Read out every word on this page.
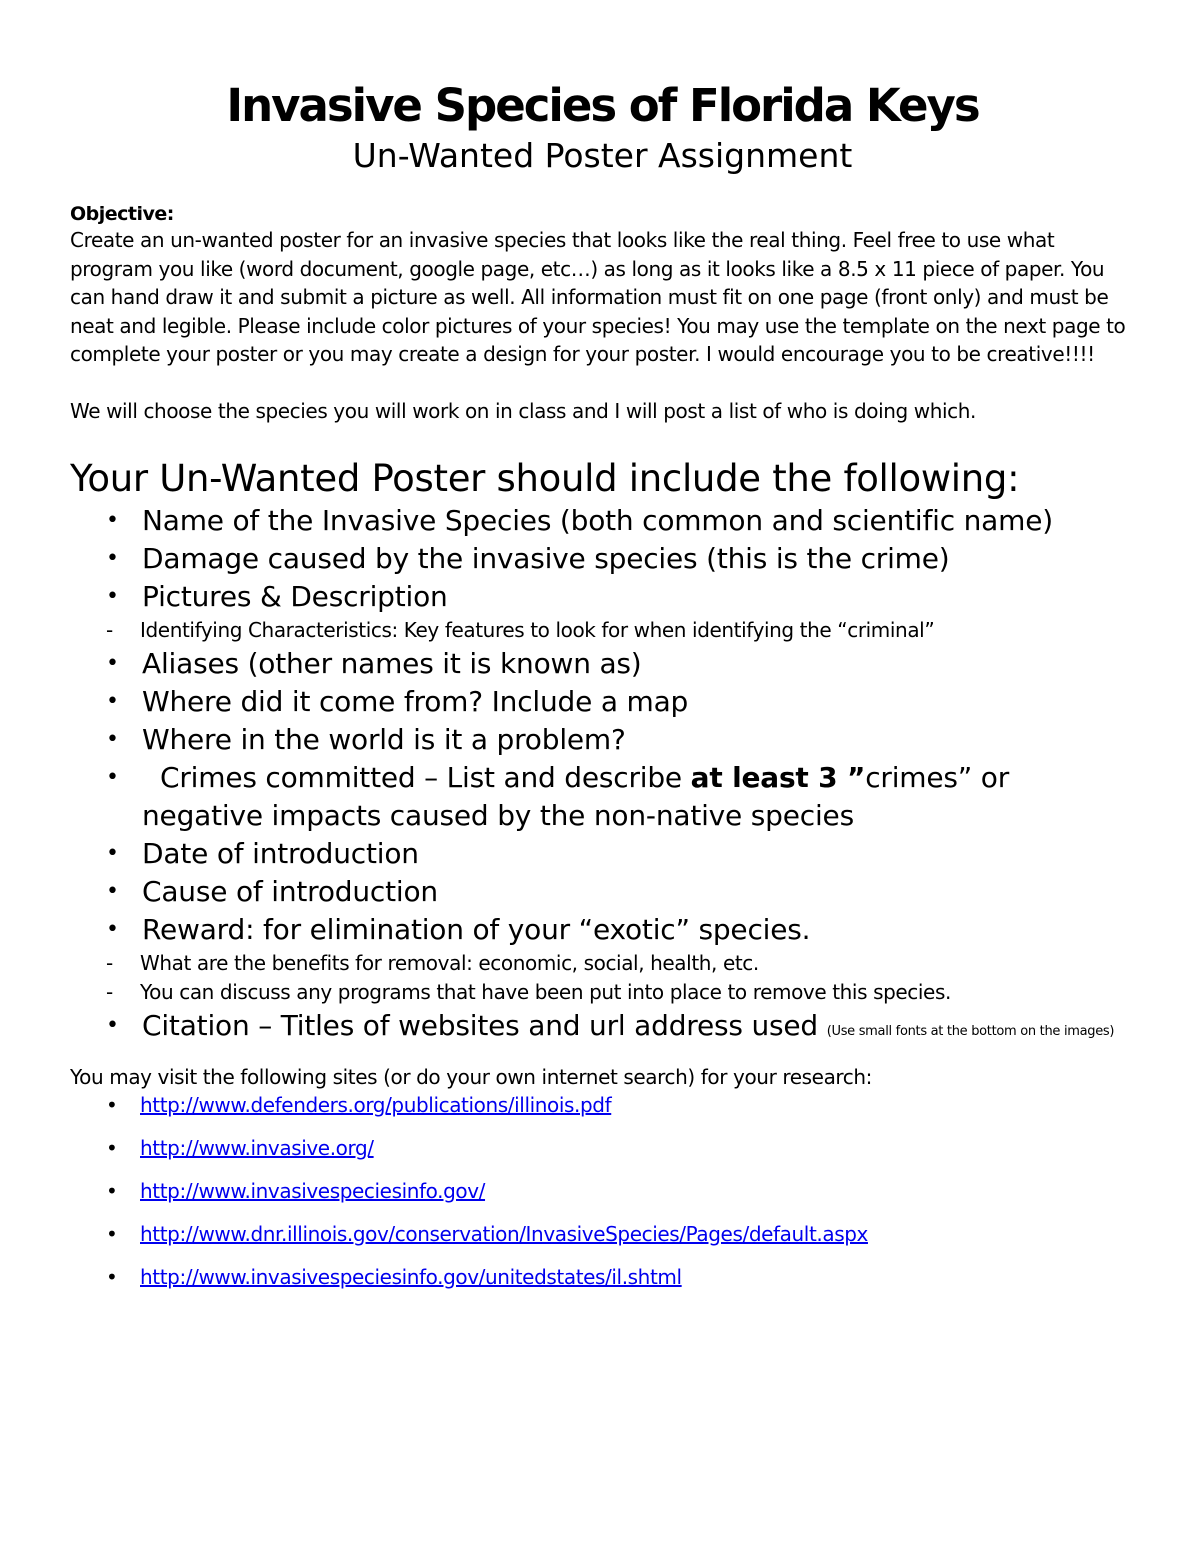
Invasive Species of Florida Keys
Un-Wanted Poster Assignment
Objective:

Create an un-wanted poster for an invasive species that looks like the real thing. Feel free to use what program you like (word document, google page, etc…) as long as it looks like a 8.5 x 11 piece of paper. You can hand draw it and submit a picture as well. All information must fit on one page (front only) and must be neat and legible. Please include color pictures of your species! You may use the template on the next page to complete your poster or you may create a design for your poster. I would encourage you to be creative!!!!

We will choose the species you will work on in class and I will post a list of who is doing which.

Your Un-Wanted Poster should include the following:
• Name of the Invasive Species (both common and scientific name)
• Damage caused by the invasive species (this is the crime)
• Pictures & Description
- Identifying Characteristics: Key features to look for when identifying the “criminal”
• Aliases (other names it is known as)
• Where did it come from? Include a map
• Where in the world is it a problem?
• Crimes committed – List and describe at least 3 ”crimes” or negative impacts caused by the non-native species
• Date of introduction
• Cause of introduction
• Reward: for elimination of your “exotic” species.
- What are the benefits for removal: economic, social, health, etc.
- You can discuss any programs that have been put into place to remove this species.
• Citation – Titles of websites and url address used (Use small fonts at the bottom on the images)

You may visit the following sites (or do your own internet search) for your research:

• http://www.defenders.org/publications/illinois.pdf
• http://www.invasive.org/
• http://www.invasivespeciesinfo.gov/
• http://www.dnr.illinois.gov/conservation/InvasiveSpecies/Pages/default.aspx
• http://www.invasivespeciesinfo.gov/unitedstates/il.shtml
